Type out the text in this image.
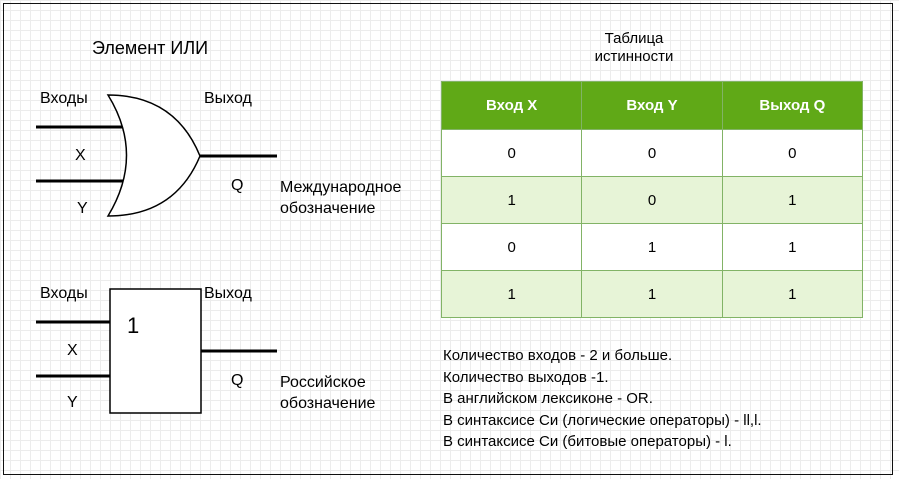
Элемент ИЛИ
Входы	Выход
X
Y
Q Международное
обозначение
Входы	Выход
1
X
Y
Q Российское
обозначение
Таблица
истинности
Вход X	Вход Y	Выход Q
0	0	0
1	0	1
0	1	1
1	1	1
Количество входов - 2 и больше.
Количество выходов -1.
В английском лексиконе - OR.
В синтаксисе Си (логические операторы) - ll,l.
В синтаксисе Си (битовые операторы) - l.
